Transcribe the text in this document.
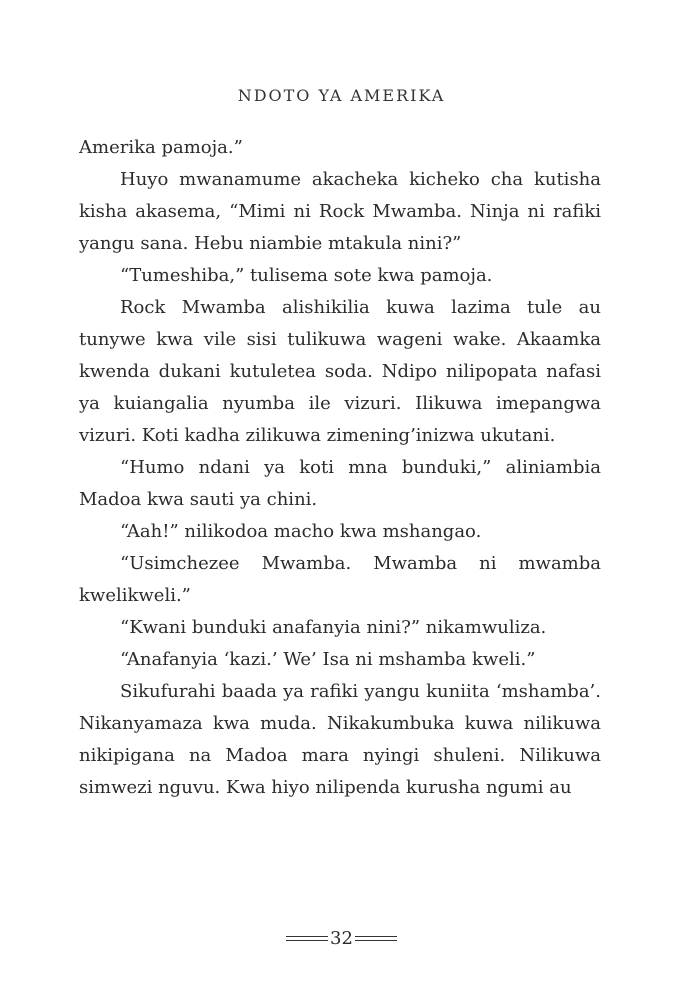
NDOTO YA AMERIKA

Amerika pamoja.”

Huyo mwanamume akacheka kicheko cha kutisha kisha akasema, “Mimi ni Rock Mwamba. Ninja ni rafiki yangu sana. Hebu niambie mtakula nini?”

“Tumeshiba,” tulisema sote kwa pamoja.

Rock Mwamba alishikilia kuwa lazima tule au tunywe kwa vile sisi tulikuwa wageni wake. Akaamka kwenda dukani kutuletea soda. Ndipo nilipopata nafasi ya kuiangalia nyumba ile vizuri. Ilikuwa imepangwa vizuri. Koti kadha zilikuwa zimening’inizwa ukutani.

“Humo ndani ya koti mna bunduki,” aliniambia Madoa kwa sauti ya chini.

“Aah!” nilikodoa macho kwa mshangao.

“Usimchezee Mwamba. Mwamba ni mwamba kwelikweli.”

“Kwani bunduki anafanyia nini?” nikamwuliza.

“Anafanyia ‘kazi.’ We’ Isa ni mshamba kweli.”

Sikufurahi baada ya rafiki yangu kuniita ‘mshamba’. Nikanyamaza kwa muda. Nikakumbuka kuwa nilikuwa nikipigana na Madoa mara nyingi shuleni. Nilikuwa simwezi nguvu. Kwa hiyo nilipenda kurusha ngumi au

32
